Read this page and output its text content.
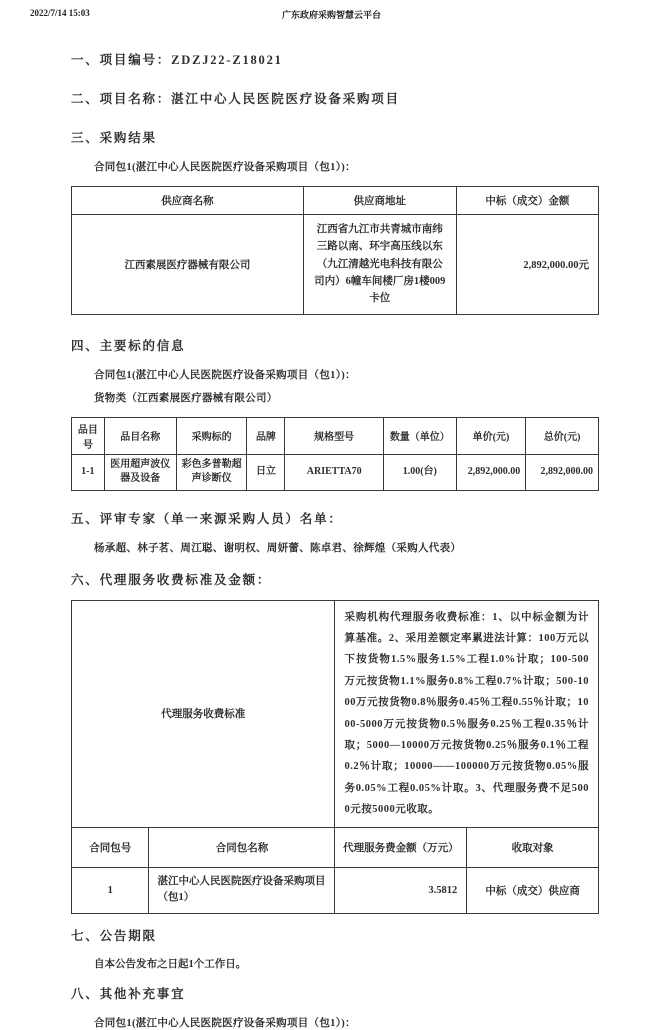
2022/7/14 15:03	广东政府采购智慧云平台
一、项目编号：ZDZJ22-Z18021
二、项目名称：湛江中心人民医院医疗设备采购项目
三、采购结果

合同包1(湛江中心人民医院医疗设备采购项目（包1）)：

供应商名称	供应商地址	中标（成交）金额
江西素展医疗器械有限公司	江西省九江市共青城市南纬三路以南、环宇高压线以东（九江清越光电科技有限公司内）6幢车间楼厂房1楼009卡位	2,892,000.00元
四、主要标的信息

合同包1(湛江中心人民医院医疗设备采购项目（包1）)：

货物类（江西素展医疗器械有限公司）

品目号	品目名称	采购标的	品牌	规格型号	数量（单位）	单价(元)	总价(元)
1-1	医用超声波仪器及设备	彩色多普勒超声诊断仪	日立	ARIETTA70	1.00(台)	2,892,000.00	2,892,000.00
五、评审专家（单一来源采购人员）名单：

杨承超、林子茗、周江聪、谢明权、周妍蕾、陈卓君、徐辉煌（采购人代表）

六、代理服务收费标准及金额：
代理服务收费标准		采购机构代理服务收费标准：1、以中标金额为计算基准。2、采用差额定率累进法计算：100万元以下按货物1.5%服务1.5%工程1.0%计取；100-500万元按货物1.1%服务0.8%工程0.7%计取；500-1000万元按货物0.8％服务0.45％工程0.55％计取；1000-5000万元按货物0.5％服务0.25％工程0.35％计取；5000—10000万元按货物0.25％服务0.1％工程0.2％计取；10000——100000万元按货物0.05%服务0.05%工程0.05%计取。3、代理服务费不足5000元按5000元收取。	
合同包号	合同包名称	代理服务费金额（万元）	收取对象
1	湛江中心人民医院医疗设备采购项目（包1）	3.5812	中标（成交）供应商
七、公告期限

自本公告发布之日起1个工作日。

八、其他补充事宜

合同包1(湛江中心人民医院医疗设备采购项目（包1）)：
